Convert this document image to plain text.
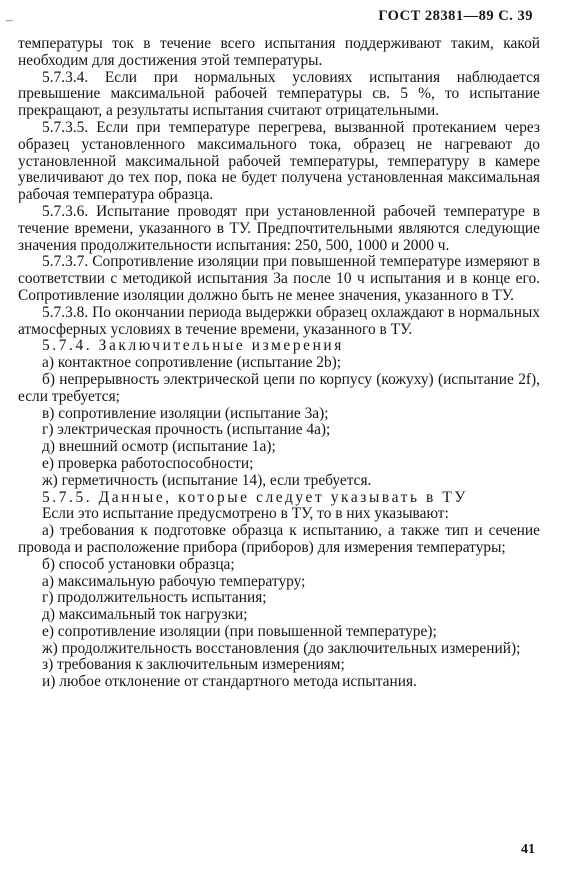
–	ГОСТ 28381—89 С. 39

температуры ток в течение всего испытания поддерживают таким, какой необходим для достижения этой температуры.

5.7.3.4. Если при нормальных условиях испытания наблюдается превышение максимальной рабочей температуры св. 5 %, то испытание прекращают, а результаты испытания считают отрицательными.

5.7.3.5. Если при температуре перегрева, вызванной протеканием через образец установленного максимального тока, образец не нагревают до установленной максимальной рабочей температуры, температуру в камере увеличивают до тех пор, пока не будет получена установленная максимальная рабочая температура образца.

5.7.3.6. Испытание проводят при установленной рабочей температуре в течение времени, указанного в ТУ. Предпочтительными являются следующие значения продолжительности испытания: 250, 500, 1000 и 2000 ч.

5.7.3.7. Сопротивление изоляции при повышенной температуре измеряют в соответствии с методикой испытания 3а после 10 ч испытания и в конце его. Сопротивление изоляции должно быть не менее значения, указанного в ТУ.

5.7.3.8. По окончании периода выдержки образец охлаждают в нормальных атмосферных условиях в течение времени, указанного в ТУ.

5.7.4. Заключительные измерения

а) контактное сопротивление (испытание 2b);

б) непрерывность электрической цепи по корпусу (кожуху) (испытание 2f), если требуется;

в) сопротивление изоляции (испытание 3а);

г) электрическая прочность (испытание 4а);

д) внешний осмотр (испытание 1а);

е) проверка работоспособности;

ж) герметичность (испытание 14), если требуется.

5.7.5. Данные, которые следует указывать в ТУ

Если это испытание предусмотрено в ТУ, то в них указывают:

а) требования к подготовке образца к испытанию, а также тип и сечение провода и расположение прибора (приборов) для измерения температуры;

б) способ установки образца;

а) максимальную рабочую температуру;

г) продолжительность испытания;

д) максимальный ток нагрузки;

е) сопротивление изоляции (при повышенной температуре);

ж) продолжительность восстановления (до заключительных измерений);

з) требования к заключительным измерениям;

и) любое отклонение от стандартного метода испытания.

41
